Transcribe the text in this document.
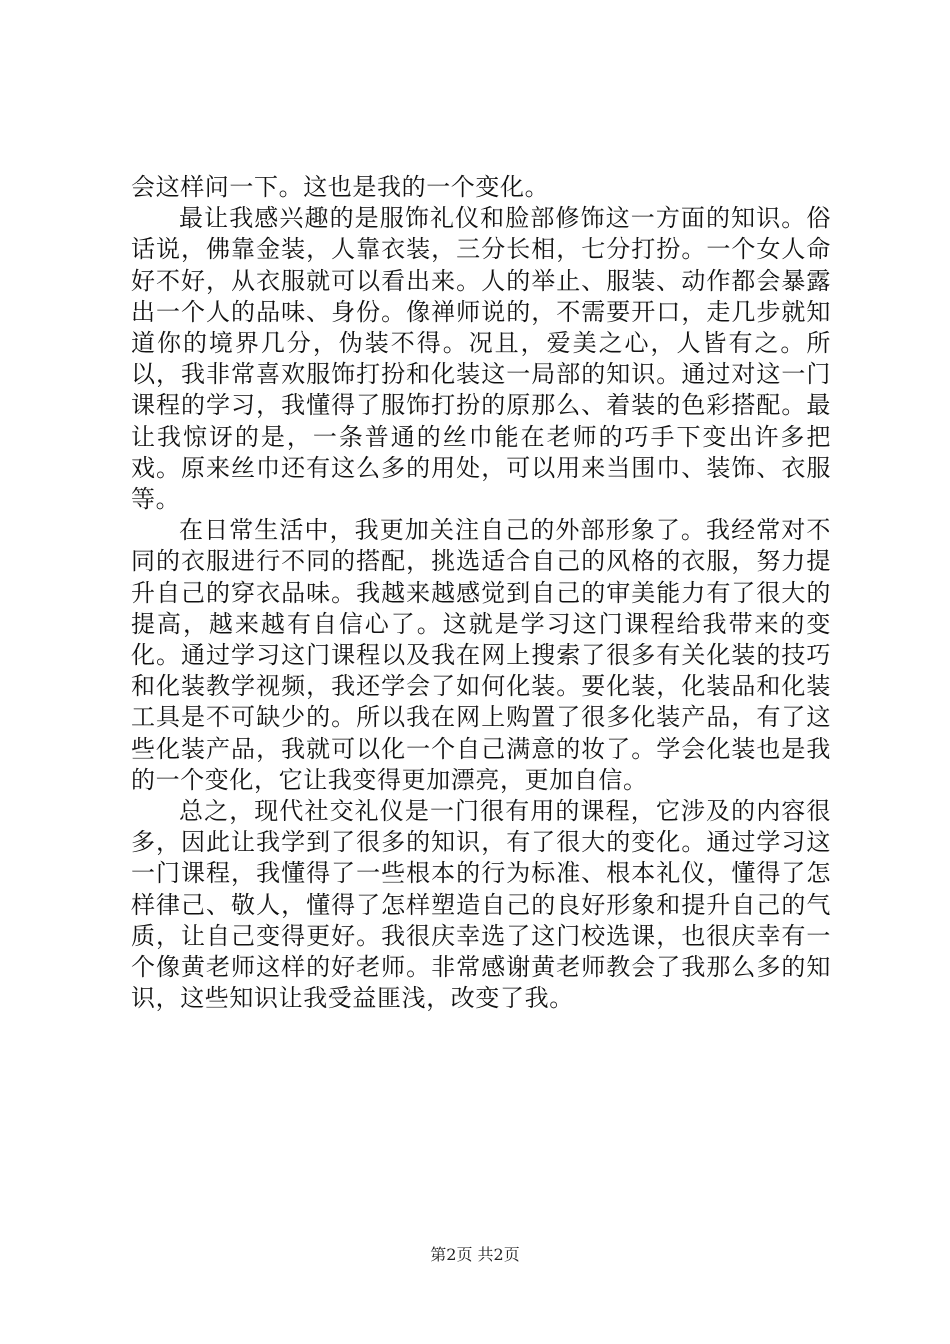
会这样问一下。这也是我的一个变化。

最让我感兴趣的是服饰礼仪和脸部修饰这一方面的知识。俗话说，佛靠金装，人靠衣装，三分长相，七分打扮。一个女人命好不好，从衣服就可以看出来。人的举止、服装、动作都会暴露出一个人的品味、身份。像禅师说的，不需要开口，走几步就知道你的境界几分，伪装不得。况且，爱美之心，人皆有之。所以，我非常喜欢服饰打扮和化装这一局部的知识。通过对这一门课程的学习，我懂得了服饰打扮的原那么、着装的色彩搭配。最让我惊讶的是，一条普通的丝巾能在老师的巧手下变出许多把戏。原来丝巾还有这么多的用处，可以用来当围巾、装饰、衣服等。

在日常生活中，我更加关注自己的外部形象了。我经常对不同的衣服进行不同的搭配，挑选适合自己的风格的衣服，努力提升自己的穿衣品味。我越来越感觉到自己的审美能力有了很大的提高，越来越有自信心了。这就是学习这门课程给我带来的变化。通过学习这门课程以及我在网上搜索了很多有关化装的技巧和化装教学视频，我还学会了如何化装。要化装，化装品和化装工具是不可缺少的。所以我在网上购置了很多化装产品，有了这些化装产品，我就可以化一个自己满意的妆了。学会化装也是我的一个变化，它让我变得更加漂亮，更加自信。

总之，现代社交礼仪是一门很有用的课程，它涉及的内容很多，因此让我学到了很多的知识，有了很大的变化。通过学习这一门课程，我懂得了一些根本的行为标准、根本礼仪，懂得了怎样律己、敬人，懂得了怎样塑造自己的良好形象和提升自己的气质，让自己变得更好。我很庆幸选了这门校选课，也很庆幸有一个像黄老师这样的好老师。非常感谢黄老师教会了我那么多的知识，这些知识让我受益匪浅，改变了我。

第2页 共2页
